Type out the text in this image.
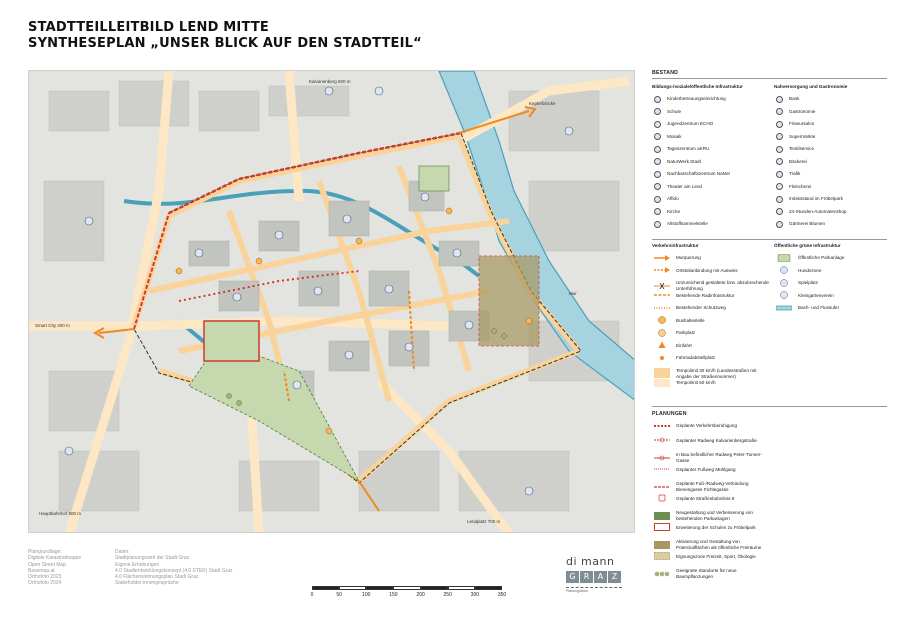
STADTTEILLEITBILD LEND MITTE
SYNTHESEPLAN „UNSER BLICK AUF DEN STADTTEIL“
Kalvarienberg 600 m
Smart City 200 m
Hauptbahnhof 900 m
Lendplatz 700 m
Keplerbrücke
Mur
BESTAND
Bildungs-/soziale/öffentliche Infrastruktur	Nahversorgung und Gastronomie
Kinderbetreuungseinrichtung
Schule
Jugendzentrum ECHO
Mosaik
Tageszentrum aKRU
NaturWerk.Stadt
Nachbarschaftszentrum NaNet
Theater am Lend
Affido
Kirche
Altstoffsammelstelle
Bank
Gastronomie
Friseursalon
Supermärkte
Textilservice
Bäckerei
Trafik
Fleischerei
Imbissstand im Fröbelpark
24-Stunden-Automatenshop
Gärtnerei Blumen
Verkehrsinfrastruktur	Öffentliche grüne Infrastruktur
Murquerung
Ortsteilanbindung mit Ausweis
Unzureichend gestaltete bzw. abzubrechende Unterführung
Bestehende Radinfrastruktur
Bestehender Schutzweg
Bushaltestelle
Parkplatz
Einfahrt
Fahrradabstellplatz
Tempolimit 30 km/h (Landesstraßen mit Angabe der Straßennummer)
Tempolimit 50 km/h
Öffentliche Parkanlage
Hundezone
Spielplatz
Kleingartenverein
Bach- und Flussufer
PLANUNGEN
Geplante Verkehrsberuhigung
Geplanter Radweg Kalvarienbergstraße
In Bau befindlicher Radweg Peter-Tunner-Gasse
Geplanter Fußweg Mühlgang
Geplante Fuß-/Radweg-Verbindung Bienengasse Fichtegasse
Geplante Straßenbahnlinie 8
Neugestaltung und Verbesserung von bestehenden Parkanlagen
Erweiterung der Schulen zu Fröbelpark
Aktivierung und Gestaltung von Potenzialflächen als öffentliche Freiräume
Eignungszone Freizeit, Sport, Ökologie
Geeignete Standorte für neue Baumpflanzungen
Plangrundlage:
Digitale Katastralmappe
Open Street Map
Basemap.at
Orthofoto 2023
Orthofoto 2024
Daten:
Stadtplanungsamt der Stadt Graz
Eigene Erhebungen
4.0 Stadtentwicklungskonzept (4.0 STEK) Stadt Graz
4.0 Flächenwidmungsplan Stadt Graz
Stakeholder:innengespräche
0	50	100	150	200	250	300	350
di mann
G	R	A	Z
Planungsbüro
